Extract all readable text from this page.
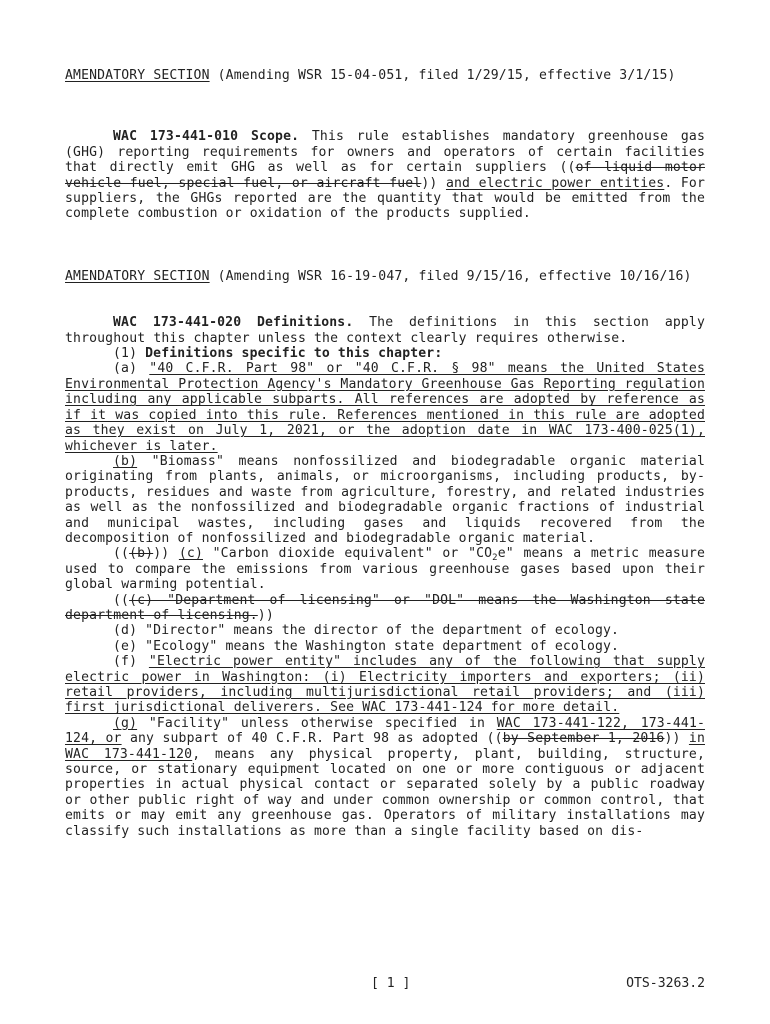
AMENDATORY SECTION (Amending WSR 15-04-051, filed 1/29/15, effective 3/1/15)

WAC 173-441-010 Scope. This rule establishes mandatory greenhouse gas (GHG) reporting requirements for owners and operators of certain facilities that directly emit GHG as well as for certain suppliers ((of liquid motor vehicle fuel, special fuel, or aircraft fuel)) and electric power entities. For suppliers, the GHGs reported are the quantity that would be emitted from the complete combustion or oxidation of the products supplied.

AMENDATORY SECTION (Amending WSR 16-19-047, filed 9/15/16, effective 10/16/16)

WAC 173-441-020 Definitions. The definitions in this section apply throughout this chapter unless the context clearly requires otherwise.

(1) Definitions specific to this chapter:

(a) "40 C.F.R. Part 98" or "40 C.F.R. § 98" means the United States Environmental Protection Agency's Mandatory Greenhouse Gas Reporting regulation including any applicable subparts. All references are adopted by reference as if it was copied into this rule. References mentioned in this rule are adopted as they exist on July 1, 2021, or the adoption date in WAC 173-400-025(1), whichever is later.

(b) "Biomass" means nonfossilized and biodegradable organic material originating from plants, animals, or microorganisms, including products, by-products, residues and waste from agriculture, forestry, and related industries as well as the nonfossilized and biodegradable organic fractions of industrial and municipal wastes, including gases and liquids recovered from the decomposition of nonfossilized and biodegradable organic material.

(((b))) (c) "Carbon dioxide equivalent" or "$CO_2e$" means a metric measure used to compare the emissions from various greenhouse gases based upon their global warming potential.

(((c) "Department of licensing" or "DOL" means the Washington state department of licensing.))

(d) "Director" means the director of the department of ecology.

(e) "Ecology" means the Washington state department of ecology.

(f) "Electric power entity" includes any of the following that supply electric power in Washington: (i) Electricity importers and exporters; (ii) retail providers, including multijurisdictional retail providers; and (iii) first jurisdictional deliverers. See WAC 173-441-124 for more detail.

(g) "Facility" unless otherwise specified in WAC 173-441-122, 173-441-124, or any subpart of 40 C.F.R. Part 98 as adopted ((by September 1, 2016)) in WAC 173-441-120, means any physical property, plant, building, structure, source, or stationary equipment located on one or more contiguous or adjacent properties in actual physical contact or separated solely by a public roadway or other public right of way and under common ownership or common control, that emits or may emit any greenhouse gas. Operators of military installations may classify such installations as more than a single facility based on dis-

[ 1 ]	OTS-3263.2
